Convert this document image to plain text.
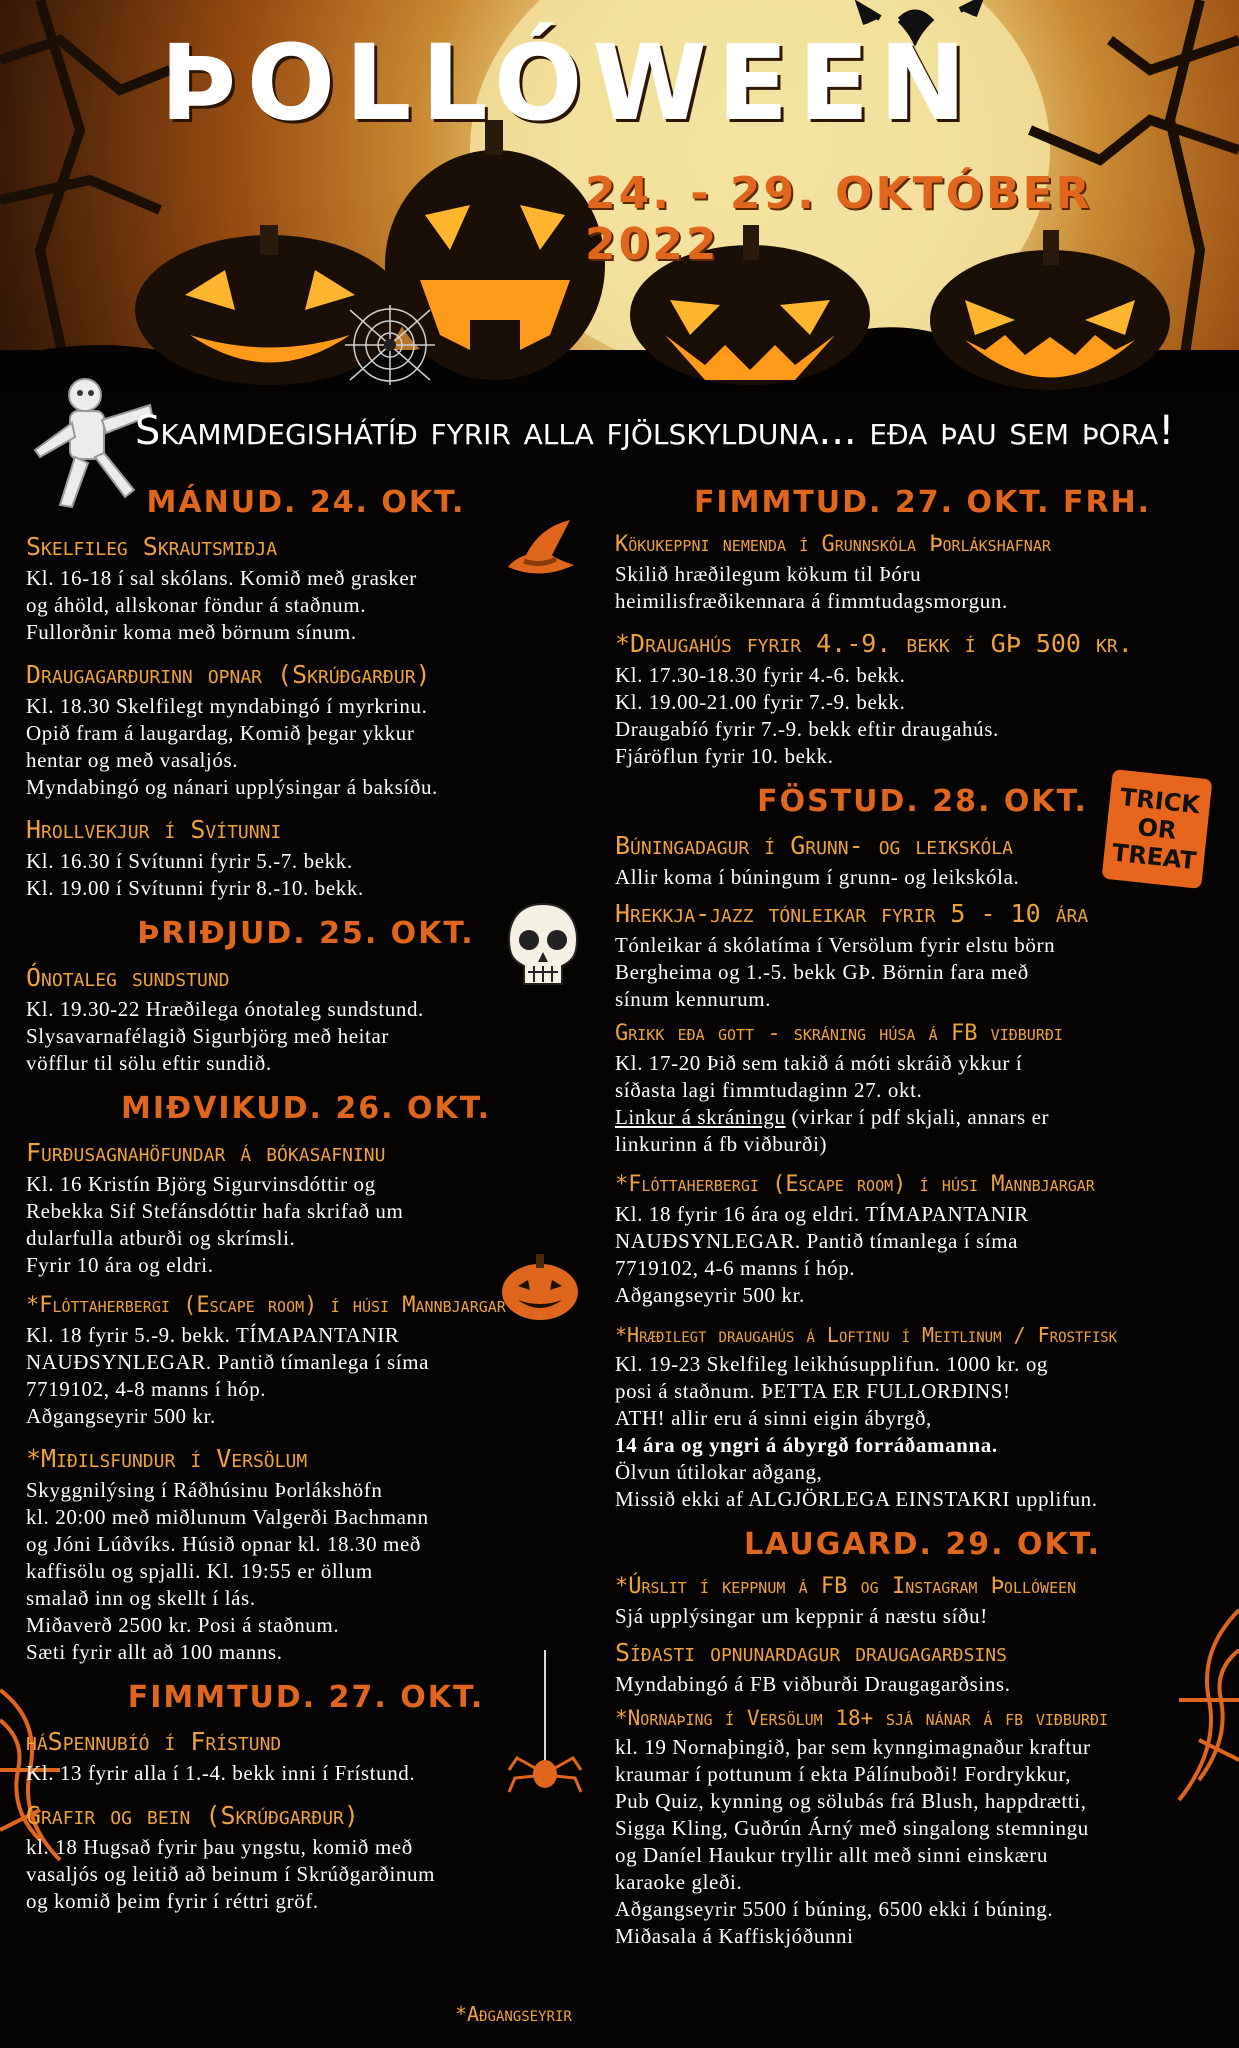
ÞOLLÓWEEN
24. - 29. OKTÓBER 2022
Skammdegishátíð fyrir alla fjölskylduna... eða þau sem þora!
TRICK
OR
TREAT
MÁNUD. 24. OKT.
Skelfileg Skrautsmiðja

Kl. 16-18 í sal skólans. Komið með grasker

og áhöld, allskonar föndur á staðnum.

Fullorðnir koma með börnum sínum.

Draugagarðurinn opnar (Skrúðgarður)

Kl. 18.30 Skelfilegt myndabingó í myrkrinu.

Opið fram á laugardag, Komið þegar ykkur

hentar og með vasaljós.

Myndabingó og nánari upplýsingar á baksíðu.

Hrollvekjur í Svítunni

Kl. 16.30 í Svítunni fyrir 5.-7. bekk.

Kl. 19.00 í Svítunni fyrir 8.-10. bekk.

ÞRIÐJUD. 25. OKT.
Ónotaleg sundstund

Kl. 19.30-22 Hræðilega ónotaleg sundstund.

Slysavarnafélagið Sigurbjörg með heitar

vöfflur til sölu eftir sundið.

MIÐVIKUD. 26. OKT.
Furðusagnahöfundar á bókasafninu

Kl. 16 Kristín Björg Sigurvinsdóttir og

Rebekka Sif Stefánsdóttir hafa skrifað um

dularfulla atburði og skrímsli.

Fyrir 10 ára og eldri.

*Flóttaherbergi (Escape room) í húsi Mannbjargar

Kl. 18 fyrir 5.-9. bekk. TÍMAPANTANIR

NAUÐSYNLEGAR. Pantið tímanlega í síma

7719102, 4-8 manns í hóp.

Aðgangseyrir 500 kr.

*Miðilsfundur í Versölum

Skyggnilýsing í Ráðhúsinu Þorlákshöfn

kl. 20:00 með miðlunum Valgerði Bachmann

og Jóni Lúðvíks. Húsið opnar kl. 18.30 með

kaffisölu og spjalli. Kl. 19:55 er öllum

smalað inn og skellt í lás.

Miðaverð 2500 kr. Posi á staðnum.

Sæti fyrir allt að 100 manns.

FIMMTUD. 27. OKT.
háSpennubíó í Frístund

Kl. 13 fyrir alla í 1.-4. bekk inni í Frístund.

Grafir og bein (Skrúðgarður)

kl. 18 Hugsað fyrir þau yngstu, komið með

vasaljós og leitið að beinum í Skrúðgarðinum

og komið þeim fyrir í réttri gröf.

*Aðgangseyrir
FIMMTUD. 27. OKT. FRH.
Kökukeppni nemenda í Grunnskóla Þorlákshafnar

Skilið hræðilegum kökum til Þóru

heimilisfræðikennara á fimmtudagsmorgun.

*Draugahús fyrir 4.-9. bekk í GÞ 500 kr.

Kl. 17.30-18.30 fyrir 4.-6. bekk.

Kl. 19.00-21.00 fyrir 7.-9. bekk.

Draugabíó fyrir 7.-9. bekk eftir draugahús.

Fjáröflun fyrir 10. bekk.

FÖSTUD. 28. OKT.
Búningadagur í Grunn- og leikskóla

Allir koma í búningum í grunn- og leikskóla.

Hrekkja-jazz tónleikar fyrir 5 - 10 ára

Tónleikar á skólatíma í Versölum fyrir elstu börn

Bergheima og 1.-5. bekk GÞ. Börnin fara með

sínum kennurum.

Grikk eða gott - skráning húsa á FB viðburði

Kl. 17-20 Þið sem takið á móti skráið ykkur í

síðasta lagi fimmtudaginn 27. okt.

Linkur á skráningu (virkar í pdf skjali, annars er

linkurinn á fb viðburði)

*Flóttaherbergi (Escape room) í húsi Mannbjargar

Kl. 18 fyrir 16 ára og eldri. TÍMAPANTANIR

NAUÐSYNLEGAR. Pantið tímanlega í síma

7719102, 4-6 manns í hóp.

Aðgangseyrir 500 kr.

*Hræðilegt draugahús á Loftinu í Meitlinum / Frostfisk

Kl. 19-23 Skelfileg leikhúsupplifun. 1000 kr. og

posi á staðnum. ÞETTA ER FULLORÐINS!

ATH! allir eru á sinni eigin ábyrgð,

14 ára og yngri á ábyrgð forráðamanna.

Ölvun útilokar aðgang,

Missið ekki af ALGJÖRLEGA EINSTAKRI upplifun.

LAUGARD. 29. OKT.
*Úrslit í keppnum á FB og Instagram Þollóween

Sjá upplýsingar um keppnir á næstu síðu!

Síðasti opnunardagur draugagarðsins

Myndabingó á FB viðburði Draugagarðsins.

*Nornaþing í Versölum 18+ sjá nánar á fb viðburði

kl. 19 Nornaþingið, þar sem kynngimagnaður kraftur

kraumar í pottunum í ekta Pálínuboði! Fordrykkur,

Pub Quiz, kynning og sölubás frá Blush, happdrætti,

Sigga Kling, Guðrún Árný með singalong stemningu

og Daníel Haukur tryllir allt með sinni einskæru

karaoke gleði.

Aðgangseyrir 5500 í búning, 6500 ekki í búning.

Miðasala á Kaffiskjóðunni
